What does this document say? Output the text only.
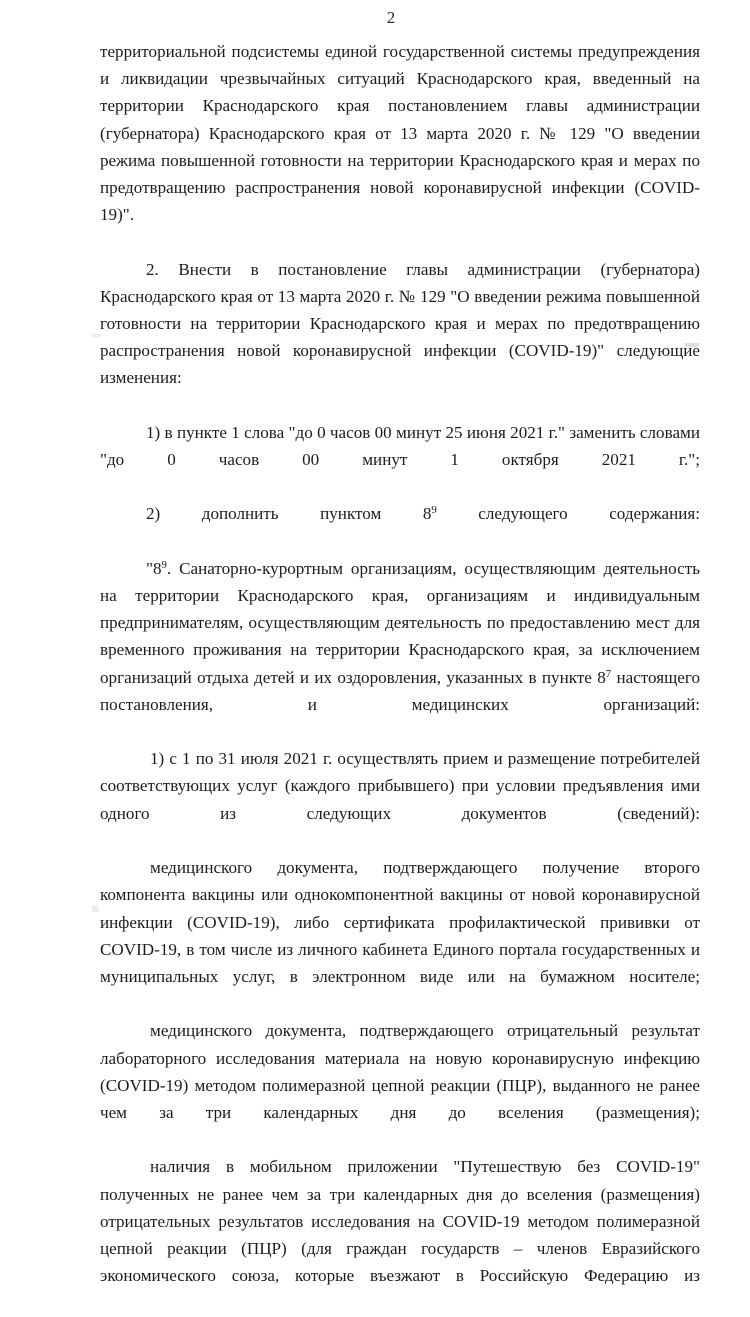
2

территориальной подсистемы единой государственной системы предупреждения и ликвидации чрезвычайных ситуаций Краснодарского края, введенный на территории Краснодарского края постановлением главы администрации (губернатора) Краснодарского края от 13 марта 2020 г. № 129 "О введении режима повышенной готовности на территории Краснодарского края и мерах по предотвращению распространения новой коронавирусной инфекции (COVID-19)".

2. Внести в постановление главы администрации (губернатора) Краснодарского края от 13 марта 2020 г. № 129 "О введении режима повышенной готовности на территории Краснодарского края и мерах по предотвращению распространения новой коронавирусной инфекции (COVID-19)" следующие изменения:

1) в пункте 1 слова "до 0 часов 00 минут 25 июня 2021 г." заменить словами "до 0 часов 00 минут 1 октября 2021 г.";

2) дополнить пунктом $8^9$ следующего содержания:

"$8^9$. Санаторно-курортным организациям, осуществляющим деятельность на территории Краснодарского края, организациям и индивидуальным предпринимателям, осуществляющим деятельность по предоставлению мест для временного проживания на территории Краснодарского края, за исключением организаций отдыха детей и их оздоровления, указанных в пункте $8^7$ настоящего постановления, и медицинских организаций:

1) с 1 по 31 июля 2021 г. осуществлять прием и размещение потребителей соответствующих услуг (каждого прибывшего) при условии предъявления ими одного из следующих документов (сведений):

медицинского документа, подтверждающего получение второго компонента вакцины или однокомпонентной вакцины от новой коронавирусной инфекции (COVID-19), либо сертификата профилактической прививки от COVID-19, в том числе из личного кабинета Единого портала государственных и муниципальных услуг, в электронном виде или на бумажном носителе;

медицинского документа, подтверждающего отрицательный результат лабораторного исследования материала на новую коронавирусную инфекцию (COVID-19) методом полимеразной цепной реакции (ПЦР), выданного не ранее чем за три календарных дня до вселения (размещения);

наличия в мобильном приложении "Путешествую без COVID-19" полученных не ранее чем за три календарных дня до вселения (размещения) отрицательных результатов исследования на COVID-19 методом полимеразной цепной реакции (ПЦР) (для граждан государств – членов Евразийского экономического союза, которые въезжают в Российскую Федерацию из
